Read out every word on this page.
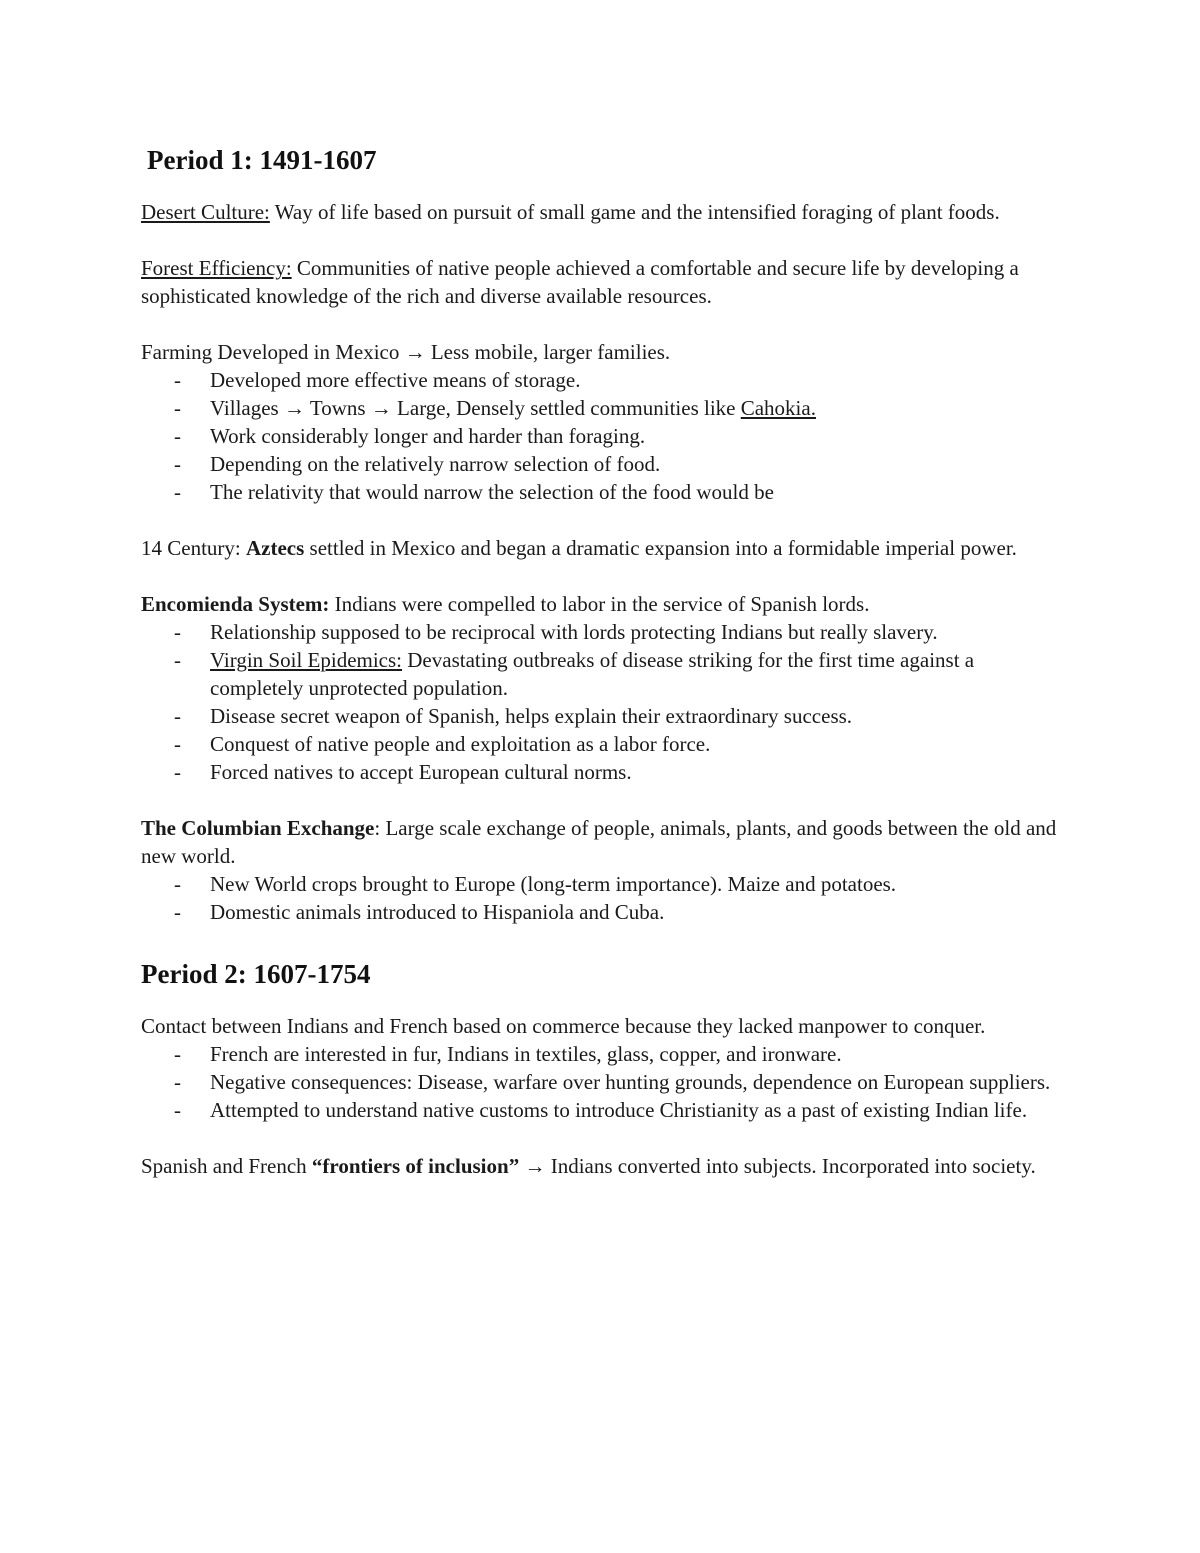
Period 1: 1491-1607

Desert Culture: Way of life based on pursuit of small game and the intensified foraging of plant foods.

Forest Efficiency: Communities of native people achieved a comfortable and secure life by developing a sophisticated knowledge of the rich and diverse available resources.

Farming Developed in Mexico → Less mobile, larger families.

- Developed more effective means of storage.
- Villages → Towns → Large, Densely settled communities like Cahokia.
- Work considerably longer and harder than foraging.
- Depending on the relatively narrow selection of food.
- The relativity that would narrow the selection of the food would be

14 Century: Aztecs settled in Mexico and began a dramatic expansion into a formidable imperial power.

Encomienda System: Indians were compelled to labor in the service of Spanish lords.

- Relationship supposed to be reciprocal with lords protecting Indians but really slavery.
- Virgin Soil Epidemics: Devastating outbreaks of disease striking for the first time against a completely unprotected population.
- Disease secret weapon of Spanish, helps explain their extraordinary success.
- Conquest of native people and exploitation as a labor force.
- Forced natives to accept European cultural norms.

The Columbian Exchange: Large scale exchange of people, animals, plants, and goods between the old and new world.

- New World crops brought to Europe (long-term importance). Maize and potatoes.
- Domestic animals introduced to Hispaniola and Cuba.
Period 2: 1607-1754

Contact between Indians and French based on commerce because they lacked manpower to conquer.

- French are interested in fur, Indians in textiles, glass, copper, and ironware.
- Negative consequences: Disease, warfare over hunting grounds, dependence on European suppliers.
- Attempted to understand native customs to introduce Christianity as a past of existing Indian life.

Spanish and French “frontiers of inclusion” → Indians converted into subjects. Incorporated into society.
